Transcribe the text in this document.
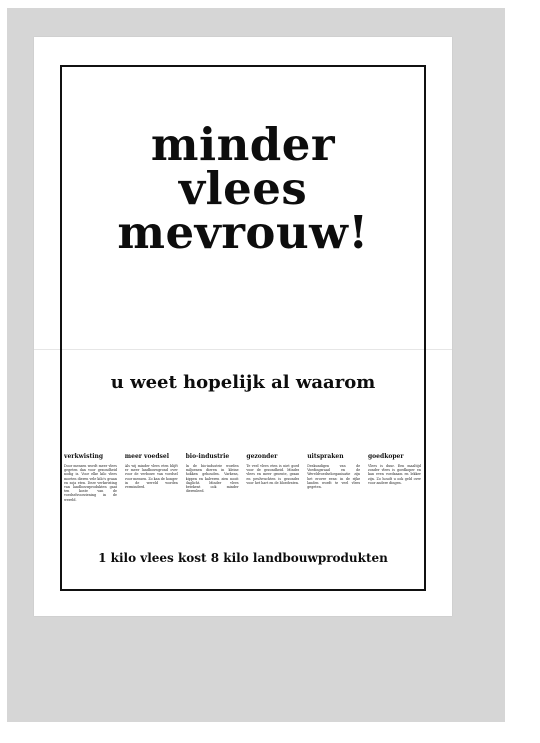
minder
vlees
mevrouw!
u weet hopelijk al waarom
verkwisting

Door mensen wordt meer vlees gegeten dan voor gezondheid nodig is. Voor elke kilo vlees moeten dieren vele kilo's graan en soja eten. Deze verkwisting van landbouwprodukten gaat ten koste van de voedselvoorziening in de wereld.

meer voedsel

Als wij minder vlees eten blijft er meer landbouwgrond over voor de verbouw van voedsel voor mensen. Zo kan de honger in de wereld worden verminderd.

bio-industrie

In de bio-industrie worden miljoenen dieren in kleine hokken gehouden. Varkens, kippen en kalveren zien nooit daglicht. Minder vlees betekent ook minder dierenleed.

gezonder

Te veel vlees eten is niet goed voor de gezondheid. Minder vlees en meer groente, graan en peulvruchten is gezonder voor het hart en de bloedvaten.

uitspraken

Deskundigen van de Voedingsraad en de Wereldvoedselorganisatie zijn het erover eens: in de rijke landen wordt te veel vlees gegeten.

goedkoper

Vlees is duur. Een maaltijd zonder vlees is goedkoper en kan even voedzaam en lekker zijn. Zo houdt u ook geld over voor andere dingen.

1 kilo vlees kost 8 kilo landbouwprodukten
